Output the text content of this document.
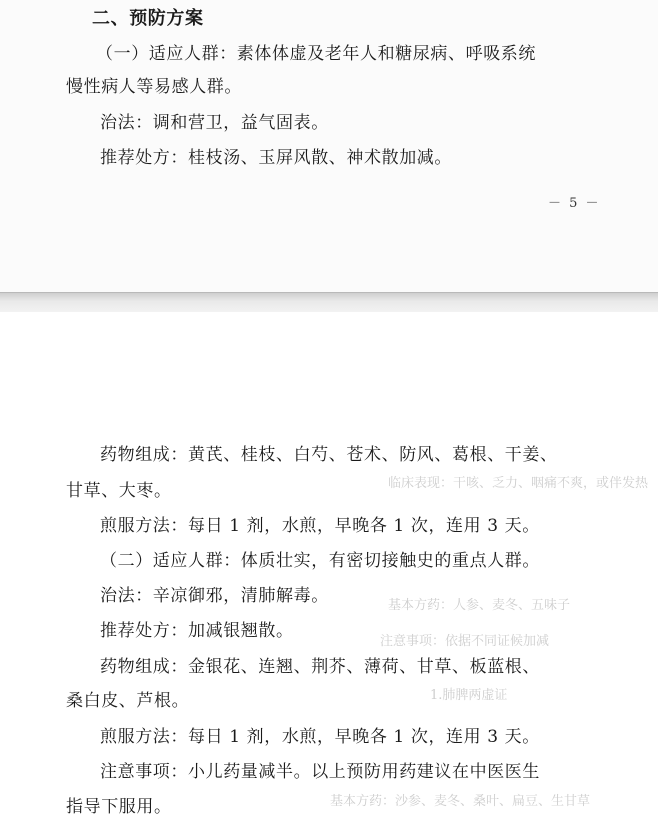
二、预防方案
（一）适应人群：素体体虚及老年人和糖尿病、呼吸系统
慢性病人等易感人群。
治法：调和营卫，益气固表。
推荐处方：桂枝汤、玉屏风散、神术散加减。
－ 5 －
临床表现：干咳、乏力、咽痛不爽，或伴发热
基本方药：人参、麦冬、五味子
注意事项：依据不同证候加减
1.肺脾两虚证
基本方药：沙参、麦冬、桑叶、扁豆、生甘草
药物组成：黄芪、桂枝、白芍、苍术、防风、葛根、干姜、
甘草、大枣。
煎服方法：每日 1 剂，水煎，早晚各 1 次，连用 3 天。
（二）适应人群：体质壮实，有密切接触史的重点人群。
治法：辛凉御邪，清肺解毒。
推荐处方：加减银翘散。
药物组成：金银花、连翘、荆芥、薄荷、甘草、板蓝根、
桑白皮、芦根。
煎服方法：每日 1 剂，水煎，早晚各 1 次，连用 3 天。
注意事项：小儿药量减半。以上预防用药建议在中医医生
指导下服用。
